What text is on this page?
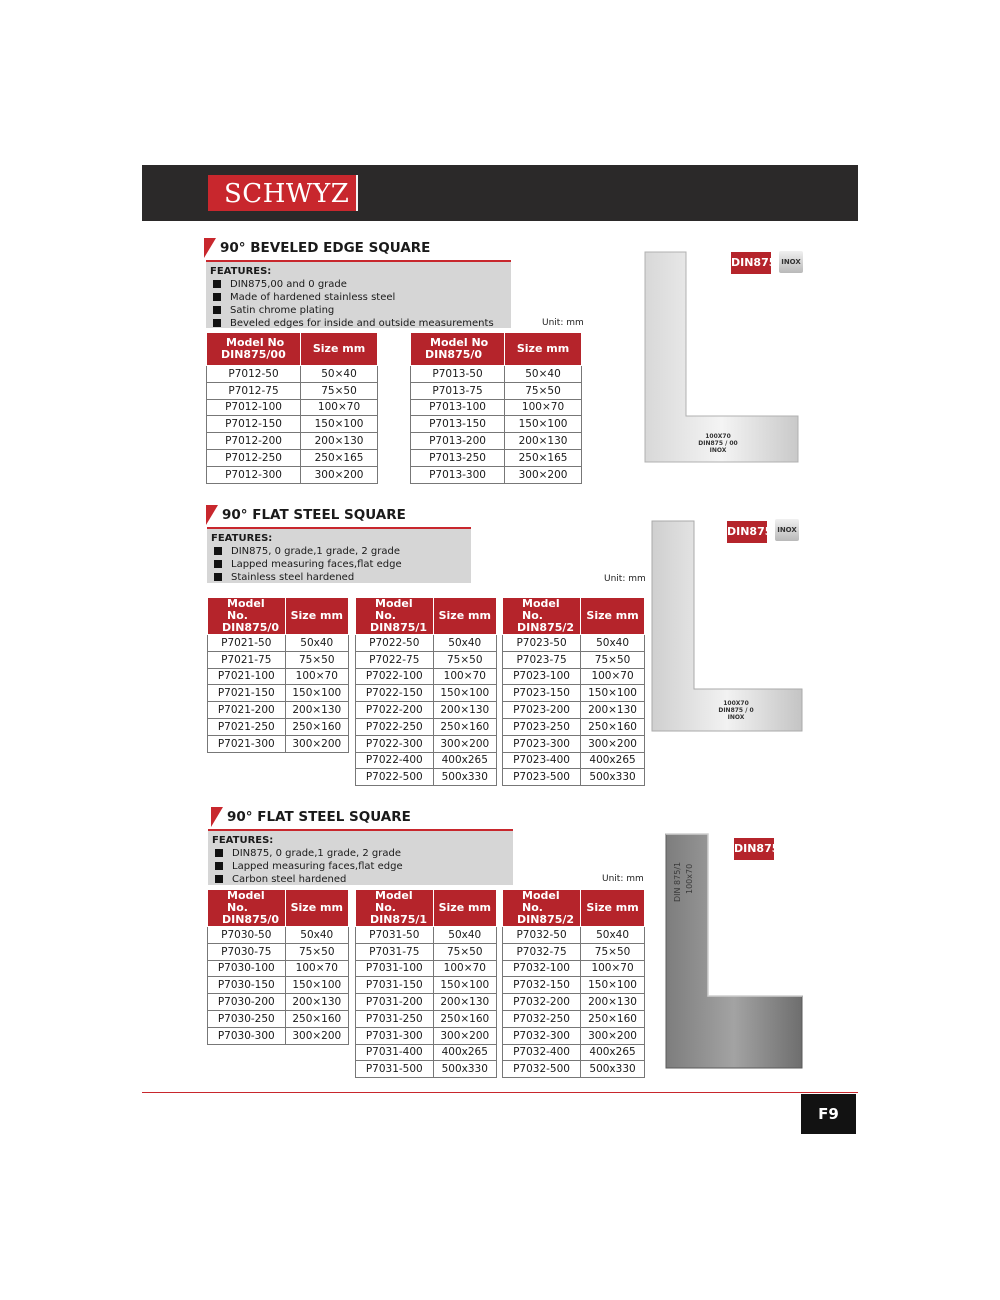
SCHWYZ
90° BEVELED EDGE SQUARE
FEATURES:
DIN875,00 and 0 grade
Made of hardened stainless steel
Satin chrome plating
Beveled edges for inside and outside measurements	Unit: mm
Model No
DIN875/00	Size mm
P7012-50	50×40
P7012-75	75×50
P7012-100	100×70
P7012-150	150×100
P7012-200	200×130
P7012-250	250×165
P7012-300	300×200
Model No
DIN875/0	Size mm
P7013-50	50×40
P7013-75	75×50
P7013-100	100×70
P7013-150	150×100
P7013-200	200×130
P7013-250	250×165
P7013-300	300×200
100X70
DIN875 / 00
INOX
DIN875 INOX
90° FLAT STEEL SQUARE
FEATURES:
DIN875, 0 grade,1 grade, 2 grade
Lapped measuring faces,flat edge
Stainless steel hardened	Unit: mm
Model No.
DIN875/0	Size mm
P7021-50	50x40
P7021-75	75×50
P7021-100	100×70
P7021-150	150×100
P7021-200	200×130
P7021-250	250×160
P7021-300	300×200
Model No.
DIN875/1	Size mm
P7022-50	50x40
P7022-75	75×50
P7022-100	100×70
P7022-150	150×100
P7022-200	200×130
P7022-250	250×160
P7022-300	300×200
P7022-400	400x265
P7022-500	500x330
Model No.
DIN875/2	Size mm
P7023-50	50x40
P7023-75	75×50
P7023-100	100×70
P7023-150	150×100
P7023-200	200×130
P7023-250	250×160
P7023-300	300×200
P7023-400	400x265
P7023-500	500x330
100X70
DIN875 / 0
INOX
DIN875 INOX
90° FLAT STEEL SQUARE
FEATURES:
DIN875, 0 grade,1 grade, 2 grade
Lapped measuring faces,flat edge
Carbon steel hardened	Unit: mm
Model No.
DIN875/0	Size mm
P7030-50	50x40
P7030-75	75×50
P7030-100	100×70
P7030-150	150×100
P7030-200	200×130
P7030-250	250×160
P7030-300	300×200
Model No.
DIN875/1	Size mm
P7031-50	50x40
P7031-75	75×50
P7031-100	100×70
P7031-150	150×100
P7031-200	200×130
P7031-250	250×160
P7031-300	300×200
P7031-400	400x265
P7031-500	500x330
Model No.
DIN875/2	Size mm
P7032-50	50x40
P7032-75	75×50
P7032-100	100×70
P7032-150	150×100
P7032-200	200×130
P7032-250	250×160
P7032-300	300×200
P7032-400	400x265
P7032-500	500x330
DIN 875/1 100x70
DIN875
F9
